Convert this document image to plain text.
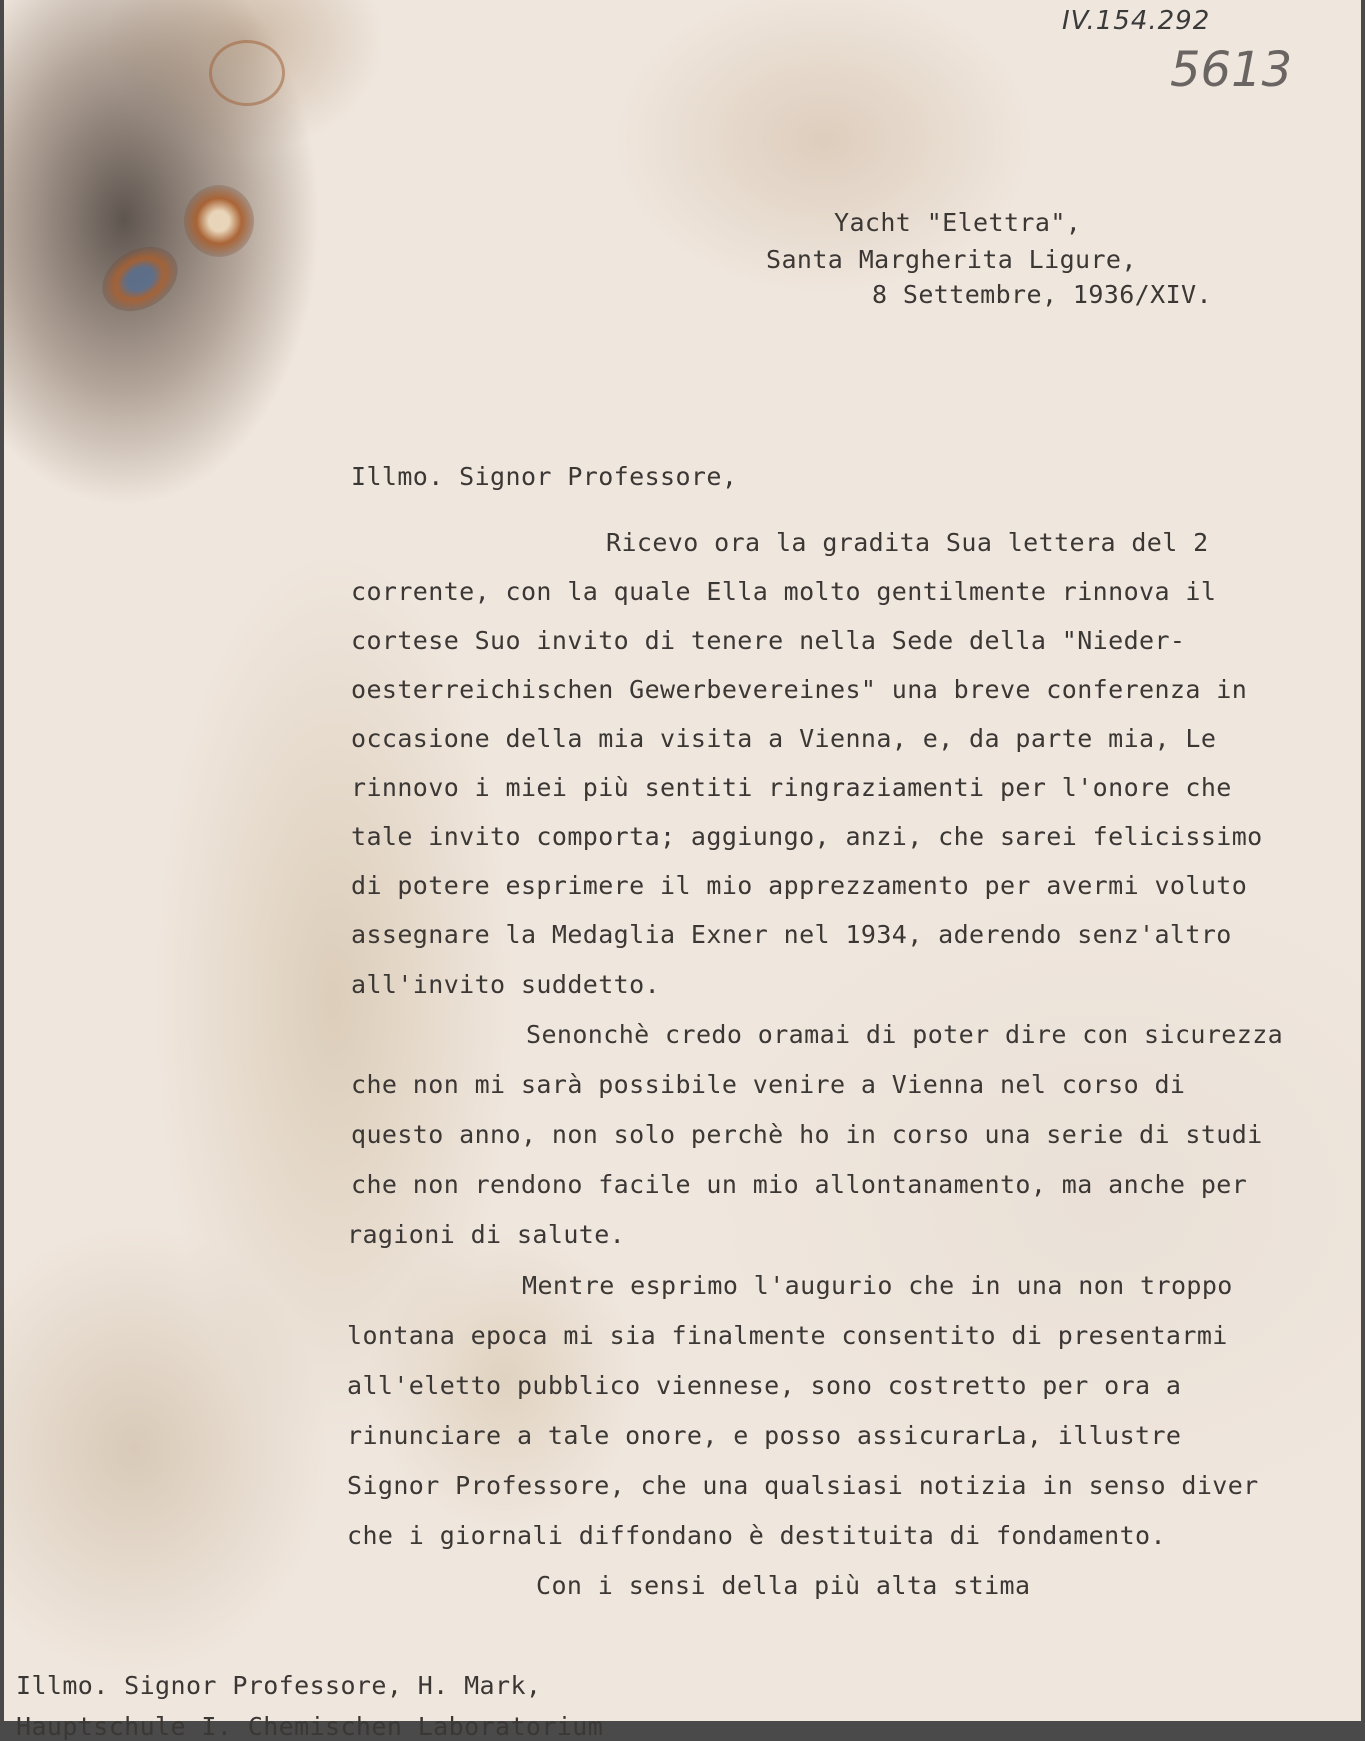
IV.154.292
5613
Yacht "Elettra",
Santa Margherita Ligure,
8 Settembre, 1936/XIV.
Illmo. Signor Professore,
Ricevo ora la gradita Sua lettera del 2
corrente, con la quale Ella molto gentilmente rinnova il
cortese Suo invito di tenere nella Sede della "Nieder-
oesterreichischen Gewerbevereines" una breve conferenza in
occasione della mia visita a Vienna, e, da parte mia, Le
rinnovo i miei più sentiti ringraziamenti per l'onore che
tale invito comporta; aggiungo, anzi, che sarei felicissimo
di potere esprimere il mio apprezzamento per avermi voluto
assegnare la Medaglia Exner nel 1934, aderendo senz'altro
all'invito suddetto.
Senonchè credo oramai di poter dire con sicurezza
che non mi sarà possibile venire a Vienna nel corso di
questo anno, non solo perchè ho in corso una serie di studi
che non rendono facile un mio allontanamento, ma anche per
ragioni di salute.
Mentre esprimo l'augurio che in una non troppo
lontana epoca mi sia finalmente consentito di presentarmi
all'eletto pubblico viennese, sono costretto per ora a
rinunciare a tale onore, e posso assicurarLa, illustre
Signor Professore, che una qualsiasi notizia in senso diver
che i giornali diffondano è destituita di fondamento.
Con i sensi della più alta stima
Illmo. Signor Professore, H. Mark,
Hauptschule I. Chemischen Laboratorium
